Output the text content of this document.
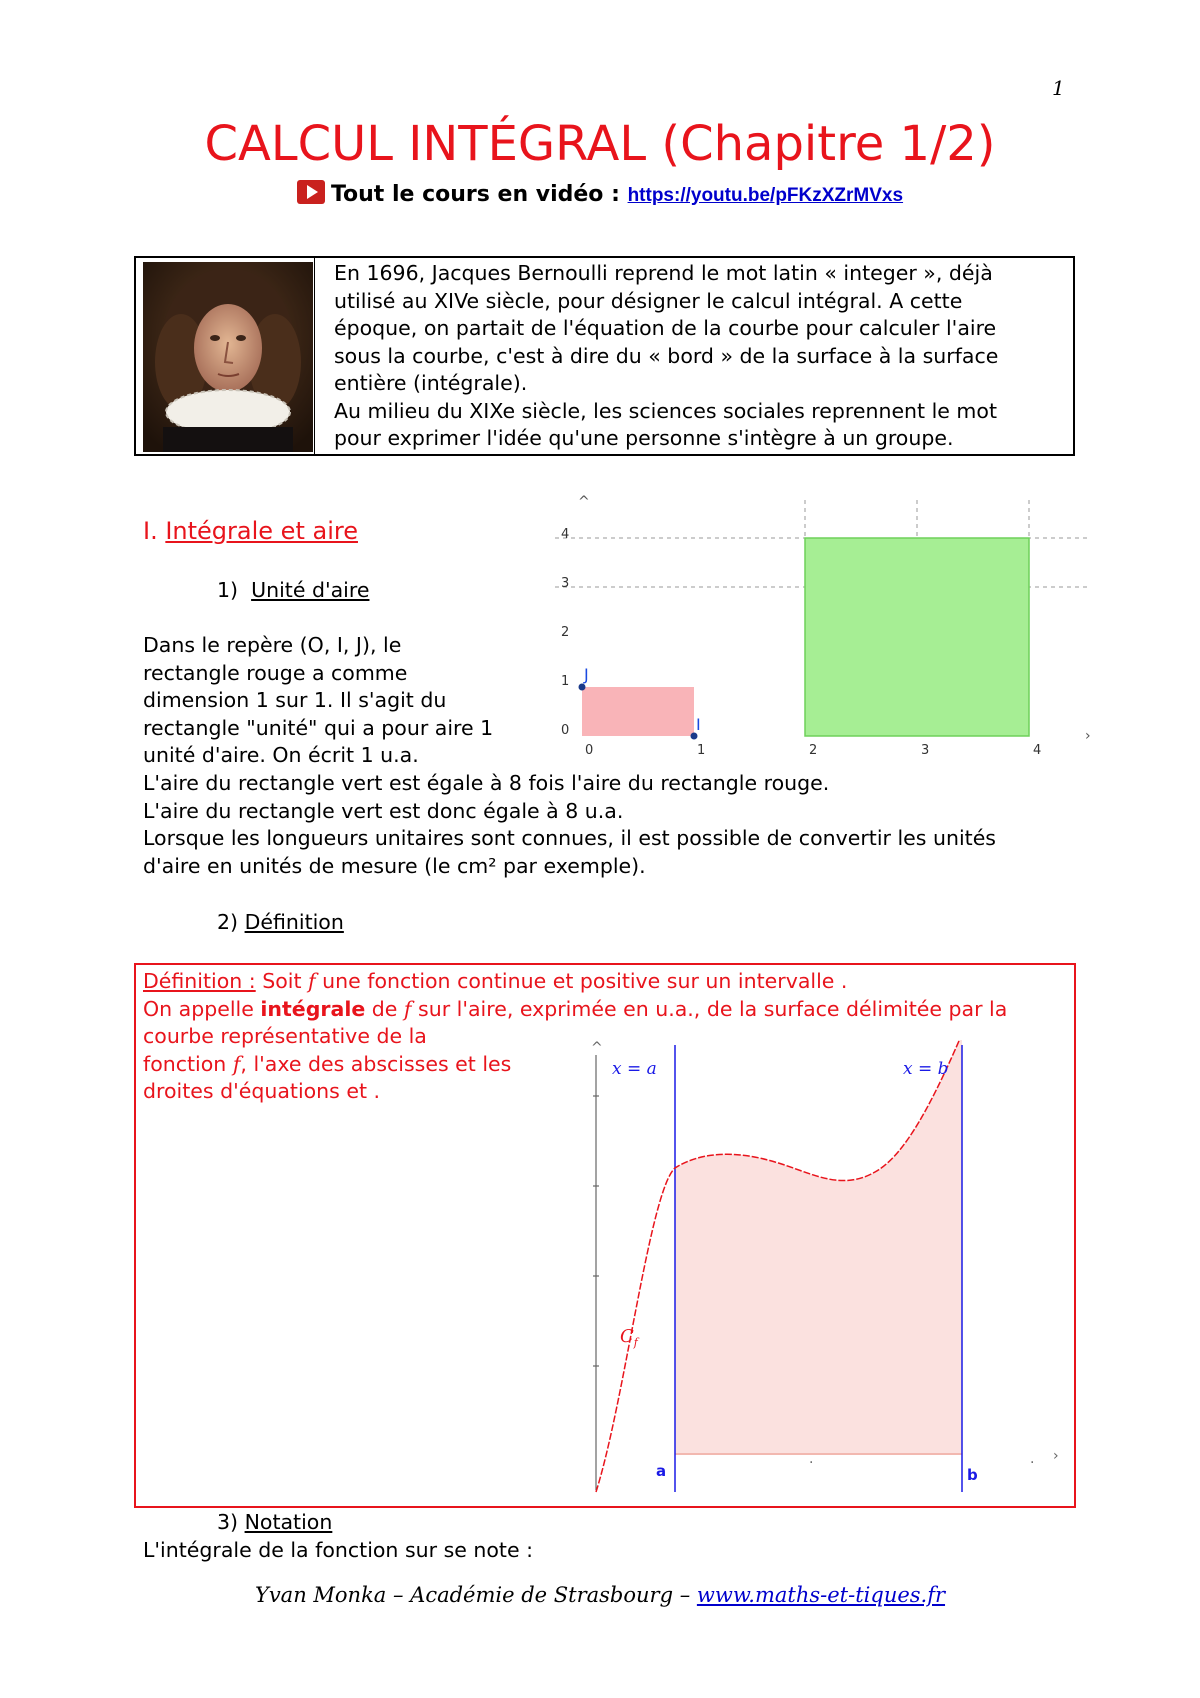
1
CALCUL INTÉGRAL (Chapitre 1/2)
Tout le cours en vidéo : https://youtu.be/pFKzXZrMVxs
En 1696, Jacques Bernoulli reprend le mot latin « integer », déjà
utilisé au XIVe siècle, pour désigner le calcul intégral. A cette
époque, on partait de l'équation de la courbe pour calculer l'aire
sous la courbe, c'est à dire du « bord » de la surface à la surface
entière (intégrale).
Au milieu du XIXe siècle, les sciences sociales reprennent le mot
pour exprimer l'idée qu'une personne s'intègre à un groupe.
I. Intégrale et aire
1) Unité d'aire
Dans le repère (O, I, J), le
rectangle rouge a comme
dimension 1 sur 1. Il s'agit du
rectangle "unité" qui a pour aire 1
unité d'aire. On écrit 1 u.a.
L'aire du rectangle vert est égale à 8 fois l'aire du rectangle rouge.
L'aire du rectangle vert est donc égale à 8 u.a.
Lorsque les longueurs unitaires sont connues, il est possible de convertir les unités
d'aire en unités de mesure (le cm² par exemple).
^
›
0
1
2
3
4
0	1	2	3	4
J
I
2) Définition
Définition : Soit f une fonction continue et positive sur un intervalle .
On appelle intégrale de f sur l'aire, exprimée en u.a., de la surface délimitée par la
courbe représentative de la
fonction f, l'axe des abscisses et les
droites d'équations et .
^
›
.	.
x = a	x = b
$C_f$
a	b
3) Notation
L'intégrale de la fonction sur se note :
Yvan Monka – Académie de Strasbourg – www.maths-et-tiques.fr
